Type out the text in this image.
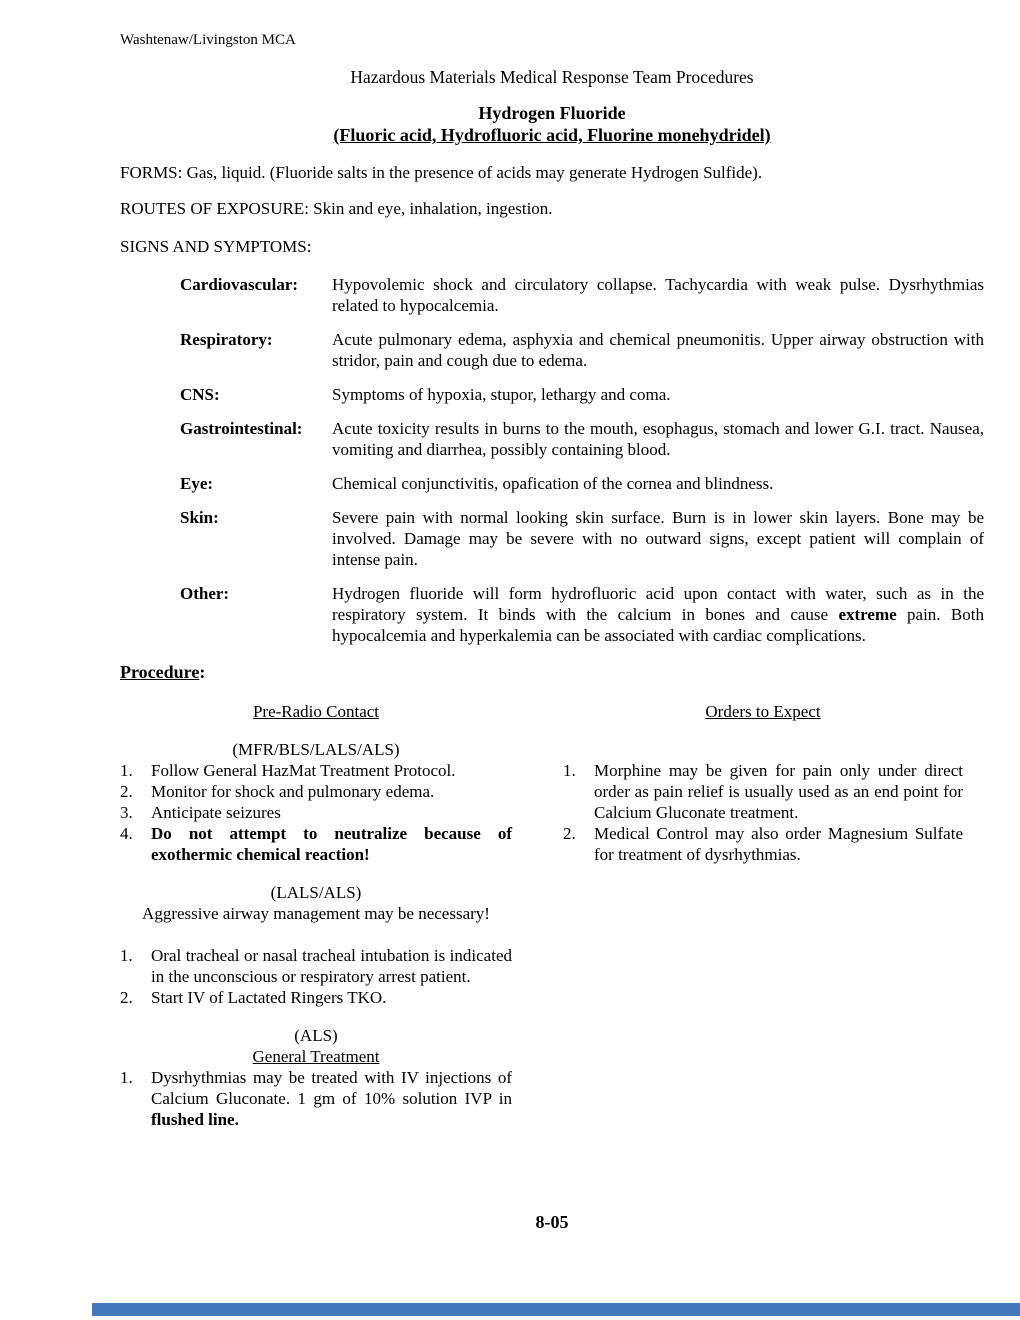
Washtenaw/Livingston MCA
Hazardous Materials Medical Response Team Procedures
Hydrogen Fluoride
(Fluoric acid, Hydrofluoric acid, Fluorine monehydridel)
FORMS: Gas, liquid. (Fluoride salts in the presence of acids may generate Hydrogen Sulfide).
ROUTES OF EXPOSURE: Skin and eye, inhalation, ingestion.
SIGNS AND SYMPTOMS:
Cardiovascular:	Hypovolemic shock and circulatory collapse. Tachycardia with weak pulse. Dysrhythmias related to hypocalcemia.
Respiratory:	Acute pulmonary edema, asphyxia and chemical pneumonitis. Upper airway obstruction with stridor, pain and cough due to edema.
CNS:	Symptoms of hypoxia, stupor, lethargy and coma.
Gastrointestinal:	Acute toxicity results in burns to the mouth, esophagus, stomach and lower G.I. tract. Nausea, vomiting and diarrhea, possibly containing blood.
Eye:	Chemical conjunctivitis, opafication of the cornea and blindness.
Skin:	Severe pain with normal looking skin surface. Burn is in lower skin layers. Bone may be involved. Damage may be severe with no outward signs, except patient will complain of intense pain.
Other:	Hydrogen fluoride will form hydrofluoric acid upon contact with water, such as in the respiratory system. It binds with the calcium in bones and cause extreme pain. Both hypocalcemia and hyperkalemia can be associated with cardiac complications.
Procedure:
Pre-Radio Contact
(MFR/BLS/LALS/ALS)
1.	Follow General HazMat Treatment Protocol.
2.	Monitor for shock and pulmonary edema.
3.	Anticipate seizures
4.	Do not attempt to neutralize because of exothermic chemical reaction!
(LALS/ALS)
Aggressive airway management may be necessary!
1.	Oral tracheal or nasal tracheal intubation is indicated in the unconscious or respiratory arrest patient.
2.	Start IV of Lactated Ringers TKO.
(ALS)
General Treatment
1.	Dysrhythmias may be treated with IV injections of Calcium Gluconate. 1 gm of 10% solution IVP in flushed line.
Orders to Expect
1.	Morphine may be given for pain only under direct order as pain relief is usually used as an end point for Calcium Gluconate treatment.
2.	Medical Control may also order Magnesium Sulfate for treatment of dysrhythmias.
8-05
